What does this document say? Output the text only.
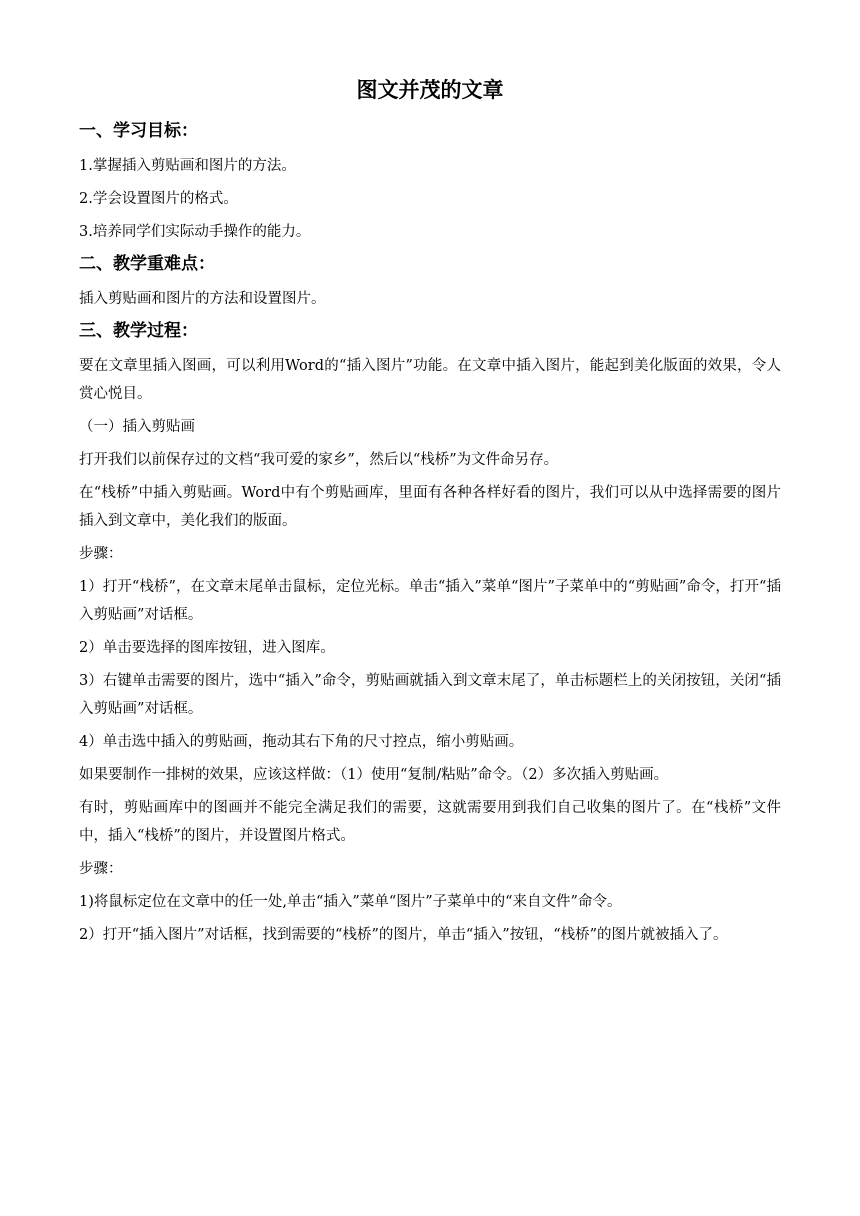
图文并茂的文章
一、学习目标：
1.掌握插入剪贴画和图片的方法。
2.学会设置图片的格式。
3.培养同学们实际动手操作的能力。
二、教学重难点：
插入剪贴画和图片的方法和设置图片。
三、教学过程：
要在文章里插入图画，可以利用Word的“插入图片”功能。在文章中插入图片，能起到美化版面的效果，令人赏心悦目。
（一）插入剪贴画
打开我们以前保存过的文档“我可爱的家乡”，然后以“栈桥”为文件命另存。
在“栈桥”中插入剪贴画。Word中有个剪贴画库，里面有各种各样好看的图片，我们可以从中选择需要的图片插入到文章中，美化我们的版面。
步骤：
1）打开“栈桥”，在文章末尾单击鼠标，定位光标。单击“插入”菜单“图片”子菜单中的“剪贴画”命令，打开“插入剪贴画”对话框。
2）单击要选择的图库按钮，进入图库。
3）右键单击需要的图片，选中“插入”命令，剪贴画就插入到文章末尾了，单击标题栏上的关闭按钮，关闭“插入剪贴画”对话框。
4）单击选中插入的剪贴画，拖动其右下角的尺寸控点，缩小剪贴画。
如果要制作一排树的效果，应该这样做：（1）使用“复制/粘贴”命令。（2）多次插入剪贴画。
有时，剪贴画库中的图画并不能完全满足我们的需要，这就需要用到我们自己收集的图片了。在“栈桥”文件中，插入“栈桥”的图片，并设置图片格式。
步骤：
1)将鼠标定位在文章中的任一处,单击“插入”菜单“图片”子菜单中的“来自文件”命令。
2）打开“插入图片”对话框，找到需要的“栈桥”的图片，单击“插入”按钮，“栈桥”的图片就被插入了。
